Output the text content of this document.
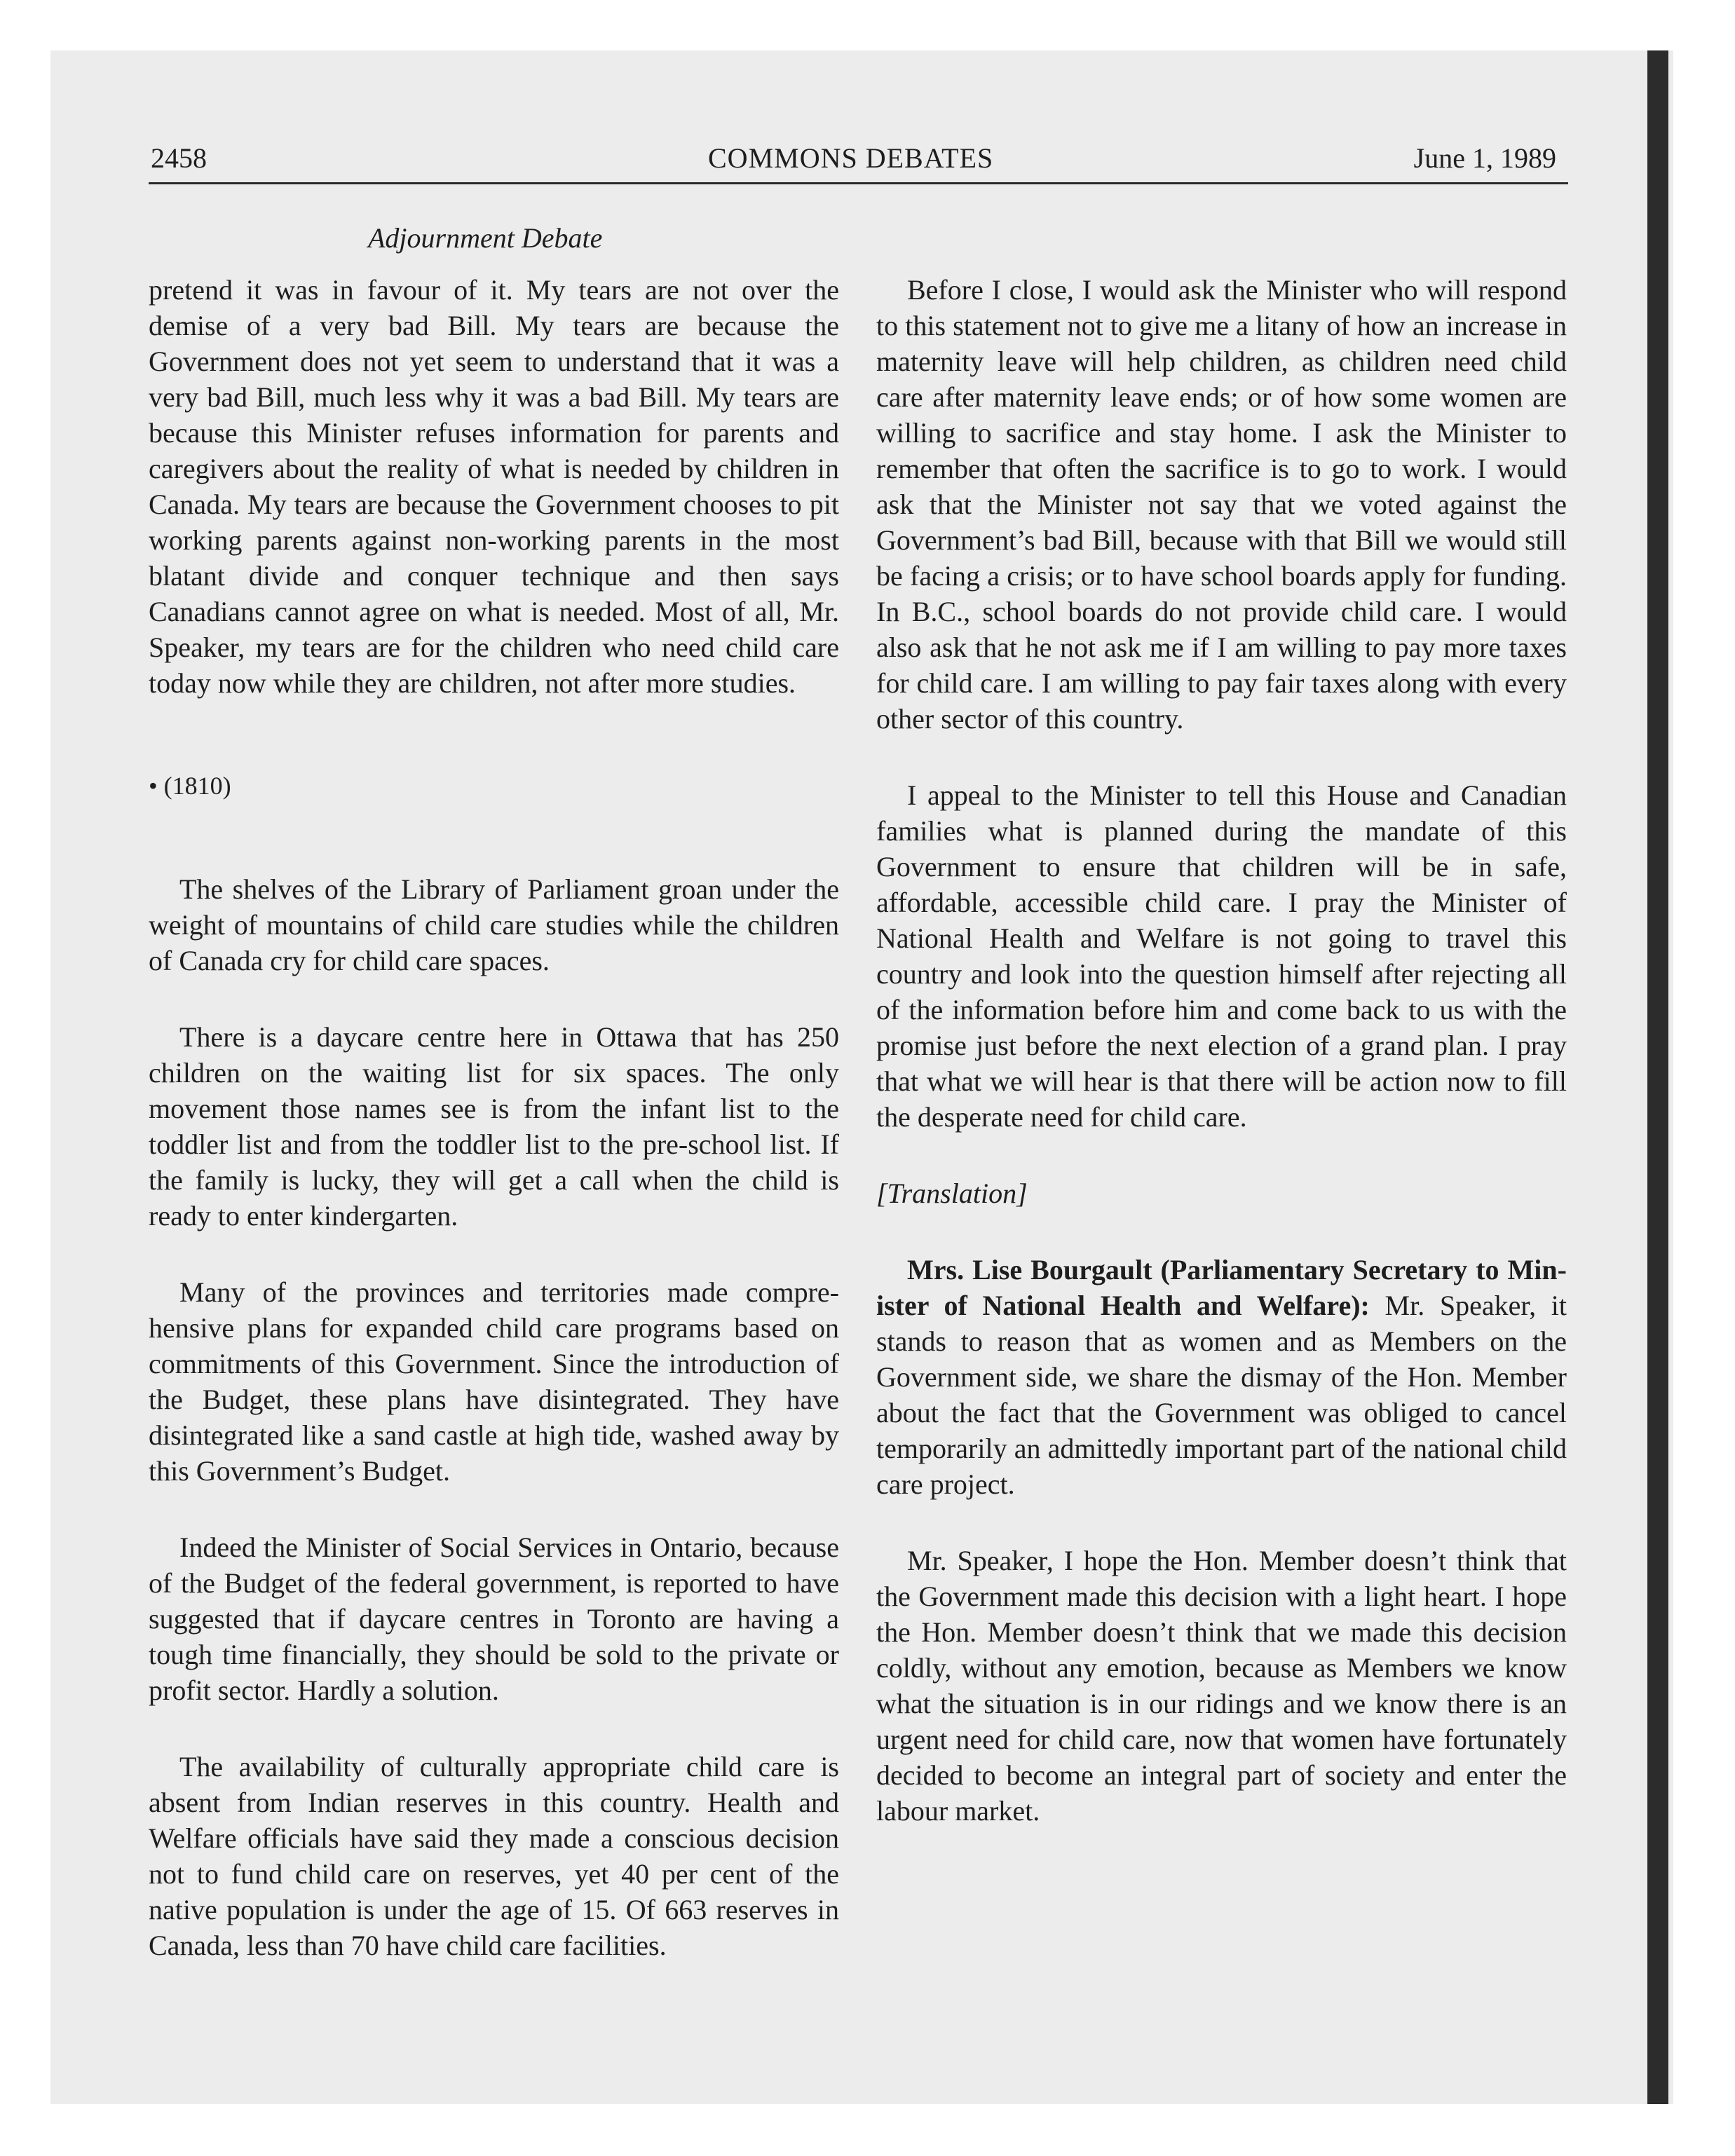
2458	COMMONS DEBATES	June 1, 1989
Adjournment Debate

pretend it was in favour of it. My tears are not over the demise of a very bad Bill. My tears are because the Government does not yet seem to understand that it was a very bad Bill, much less why it was a bad Bill. My tears are because this Minister refuses information for parents and caregivers about the reality of what is needed by children in Canada. My tears are because the Government chooses to pit working parents against non-working parents in the most blatant divide and conquer technique and then says Canadians cannot agree on what is needed. Most of all, Mr. Speaker, my tears are for the children who need child care today now while they are children, not after more studies.

• (1810)

The shelves of the Library of Parliament groan under the weight of mountains of child care studies while the children of Canada cry for child care spaces.

There is a daycare centre here in Ottawa that has 250 children on the waiting list for six spaces. The only movement those names see is from the infant list to the toddler list and from the toddler list to the pre-school list. If the family is lucky, they will get a call when the child is ready to enter kindergarten.

Many of the provinces and territories made comprehensive plans for expanded child care programs based on commitments of this Government. Since the introduction of the Budget, these plans have disintegrated. They have disintegrated like a sand castle at high tide, washed away by this Government’s Budget.

Indeed the Minister of Social Services in Ontario, because of the Budget of the federal government, is reported to have suggested that if daycare centres in Toronto are having a tough time financially, they should be sold to the private or profit sector. Hardly a solution.

The availability of culturally appropriate child care is absent from Indian reserves in this country. Health and Welfare officials have said they made a conscious decision not to fund child care on reserves, yet 40 per cent of the native population is under the age of 15. Of 663 reserves in Canada, less than 70 have child care facilities.

Before I close, I would ask the Minister who will respond to this statement not to give me a litany of how an increase in maternity leave will help children, as children need child care after maternity leave ends; or of how some women are willing to sacrifice and stay home. I ask the Minister to remember that often the sacrifice is to go to work. I would ask that the Minister not say that we voted against the Government’s bad Bill, because with that Bill we would still be facing a crisis; or to have school boards apply for funding. In B.C., school boards do not provide child care. I would also ask that he not ask me if I am willing to pay more taxes for child care. I am willing to pay fair taxes along with every other sector of this country.

I appeal to the Minister to tell this House and Canadian families what is planned during the mandate of this Government to ensure that children will be in safe, affordable, accessible child care. I pray the Minister of National Health and Welfare is not going to travel this country and look into the question himself after rejecting all of the information before him and come back to us with the promise just before the next election of a grand plan. I pray that what we will hear is that there will be action now to fill the desperate need for child care.

[Translation]

Mrs. Lise Bourgault (Parliamentary Secretary to Minister of National Health and Welfare): Mr. Speaker, it stands to reason that as women and as Members on the Government side, we share the dismay of the Hon. Member about the fact that the Government was obliged to cancel temporarily an admittedly important part of the national child care project.

Mr. Speaker, I hope the Hon. Member doesn’t think that the Government made this decision with a light heart. I hope the Hon. Member doesn’t think that we made this decision coldly, without any emotion, because as Members we know what the situation is in our ridings and we know there is an urgent need for child care, now that women have fortunately decided to become an integral part of society and enter the labour market.
